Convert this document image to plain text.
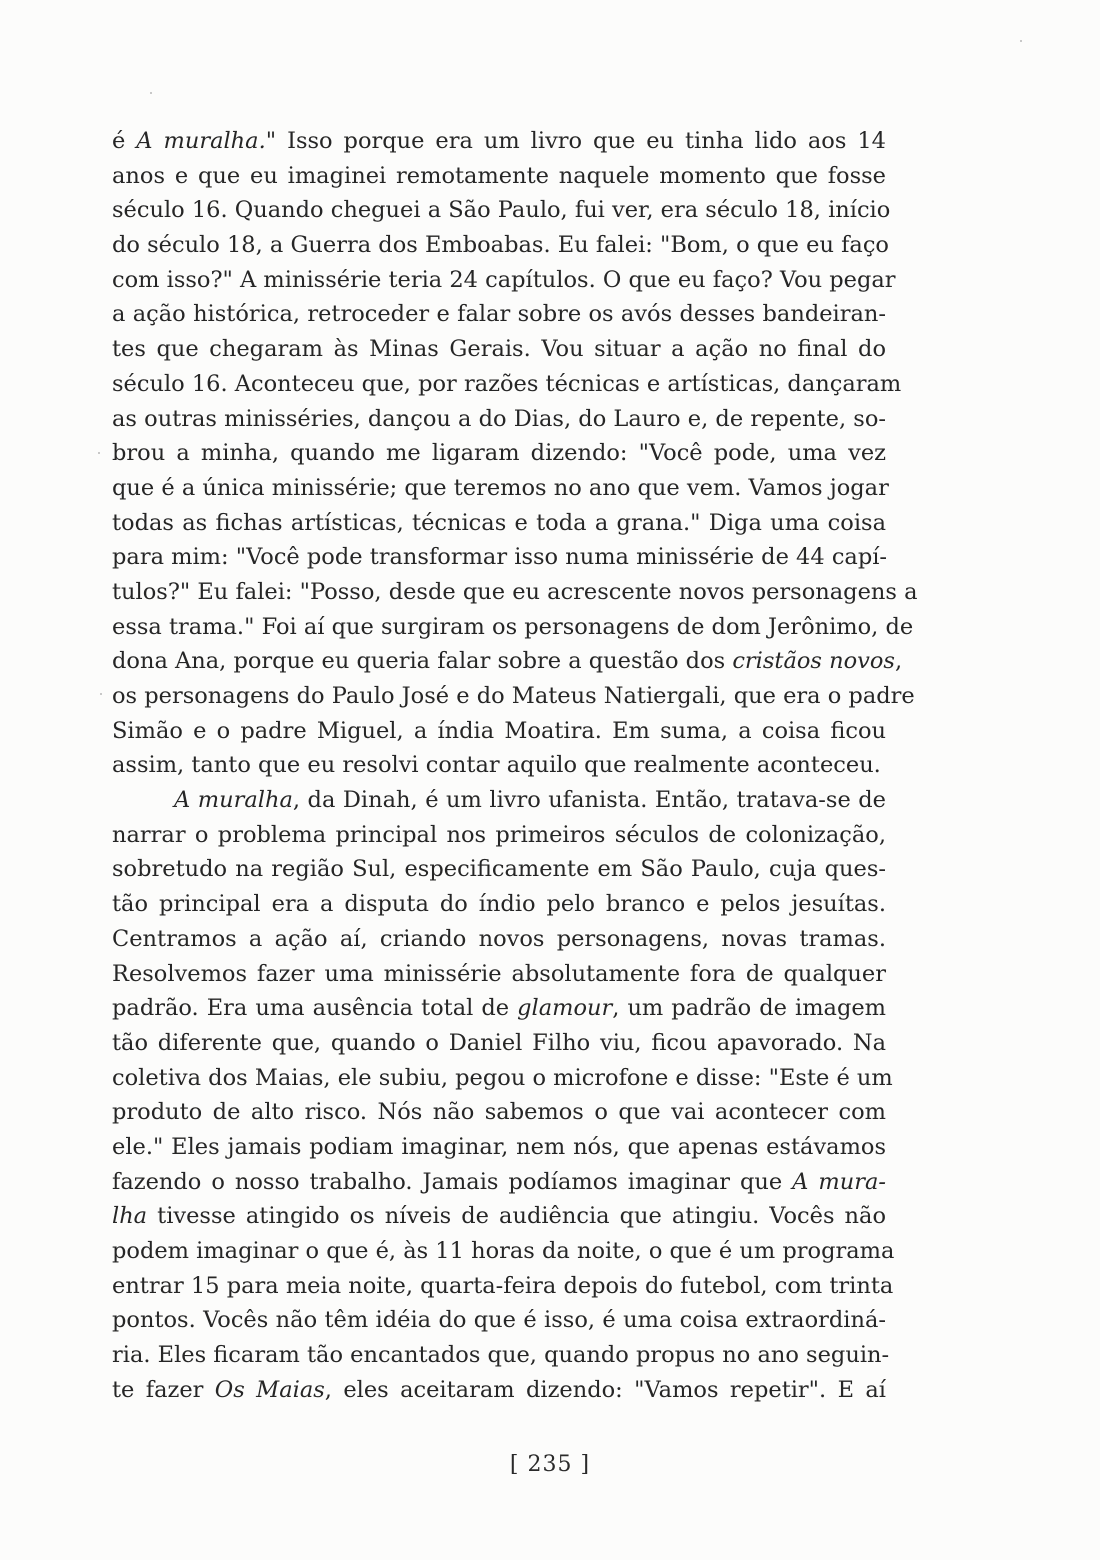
é A muralha." Isso porque era um livro que eu tinha lido aos 14
anos e que eu imaginei remotamente naquele momento que fosse
século 16. Quando cheguei a São Paulo, fui ver, era século 18, início
do século 18, a Guerra dos Emboabas. Eu falei: "Bom, o que eu faço
com isso?" A minissérie teria 24 capítulos. O que eu faço? Vou pegar
a ação histórica, retroceder e falar sobre os avós desses bandeiran-
tes que chegaram às Minas Gerais. Vou situar a ação no final do
século 16. Aconteceu que, por razões técnicas e artísticas, dançaram
as outras minisséries, dançou a do Dias, do Lauro e, de repente, so-
brou a minha, quando me ligaram dizendo: "Você pode, uma vez
que é a única minissérie; que teremos no ano que vem. Vamos jogar
todas as fichas artísticas, técnicas e toda a grana." Diga uma coisa
para mim: "Você pode transformar isso numa minissérie de 44 capí-
tulos?" Eu falei: "Posso, desde que eu acrescente novos personagens a
essa trama." Foi aí que surgiram os personagens de dom Jerônimo, de
dona Ana, porque eu queria falar sobre a questão dos cristãos novos,
os personagens do Paulo José e do Mateus Natiergali, que era o padre
Simão e o padre Miguel, a índia Moatira. Em suma, a coisa ficou
assim, tanto que eu resolvi contar aquilo que realmente aconteceu.
A muralha, da Dinah, é um livro ufanista. Então, tratava-se de
narrar o problema principal nos primeiros séculos de colonização,
sobretudo na região Sul, especificamente em São Paulo, cuja ques-
tão principal era a disputa do índio pelo branco e pelos jesuítas.
Centramos a ação aí, criando novos personagens, novas tramas.
Resolvemos fazer uma minissérie absolutamente fora de qualquer
padrão. Era uma ausência total de glamour, um padrão de imagem
tão diferente que, quando o Daniel Filho viu, ficou apavorado. Na
coletiva dos Maias, ele subiu, pegou o microfone e disse: "Este é um
produto de alto risco. Nós não sabemos o que vai acontecer com
ele." Eles jamais podiam imaginar, nem nós, que apenas estávamos
fazendo o nosso trabalho. Jamais podíamos imaginar que A mura-
lha tivesse atingido os níveis de audiência que atingiu. Vocês não
podem imaginar o que é, às 11 horas da noite, o que é um programa
entrar 15 para meia noite, quarta-feira depois do futebol, com trinta
pontos. Vocês não têm idéia do que é isso, é uma coisa extraordiná-
ria. Eles ficaram tão encantados que, quando propus no ano seguin-
te fazer Os Maias, eles aceitaram dizendo: "Vamos repetir". E aí
[ 235 ]
